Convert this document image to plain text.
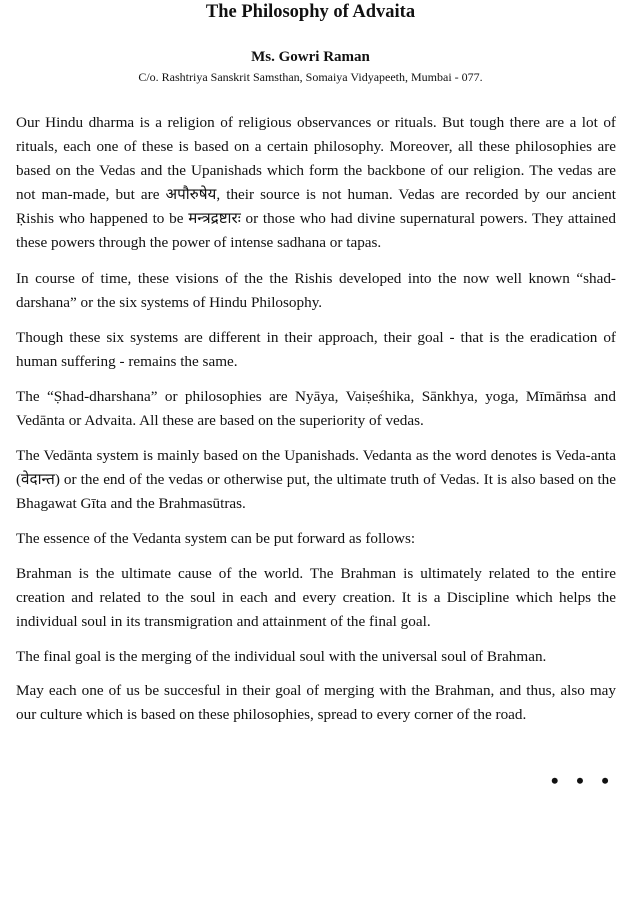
The Philosophy of Advaita
Ms. Gowri Raman
C/o. Rashtriya Sanskrit Samsthan, Somaiya Vidyapeeth, Mumbai - 077.

Our Hindu dharma is a religion of religious observances or rituals. But tough there are a lot of rituals, each one of these is based on a certain philosophy. Moreover, all these philosophies are based on the Vedas and the Upanishads which form the backbone of our religion. The vedas are not man-made, but are अपौरुषेय, their source is not human. Vedas are recorded by our ancient Ṛishis who happened to be मन्त्रद्रष्टारः or those who had divine supernatural powers. They attained these powers through the power of intense sadhana or tapas.

In course of time, these visions of the the Rishis developed into the now well known “shad-darshana” or the six systems of Hindu Philosophy.

Though these six systems are different in their approach, their goal - that is the eradication of human suffering - remains the same.

The “Ṣhad-dharshana” or philosophies are Nyāya, Vaiṣeśhika, Sānkhya, yoga, Mīmāṁsa and Vedānta or Advaita. All these are based on the superiority of vedas.

The Vedānta system is mainly based on the Upanishads. Vedanta as the word denotes is Veda-anta (वेदान्त) or the end of the vedas or otherwise put, the ultimate truth of Vedas. It is also based on the Bhagawat Gīta and the Brahmasūtras.

The essence of the Vedanta system can be put forward as follows:

Brahman is the ultimate cause of the world. The Brahman is ultimately related to the entire creation and related to the soul in each and every creation. It is a Discipline which helps the individual soul in its transmigration and attainment of the final goal.

The final goal is the merging of the individual soul with the universal soul of Brahman.

May each one of us be succesful in their goal of merging with the Brahman, and thus, also may our culture which is based on these philosophies, spread to every corner of the road.

• • •
